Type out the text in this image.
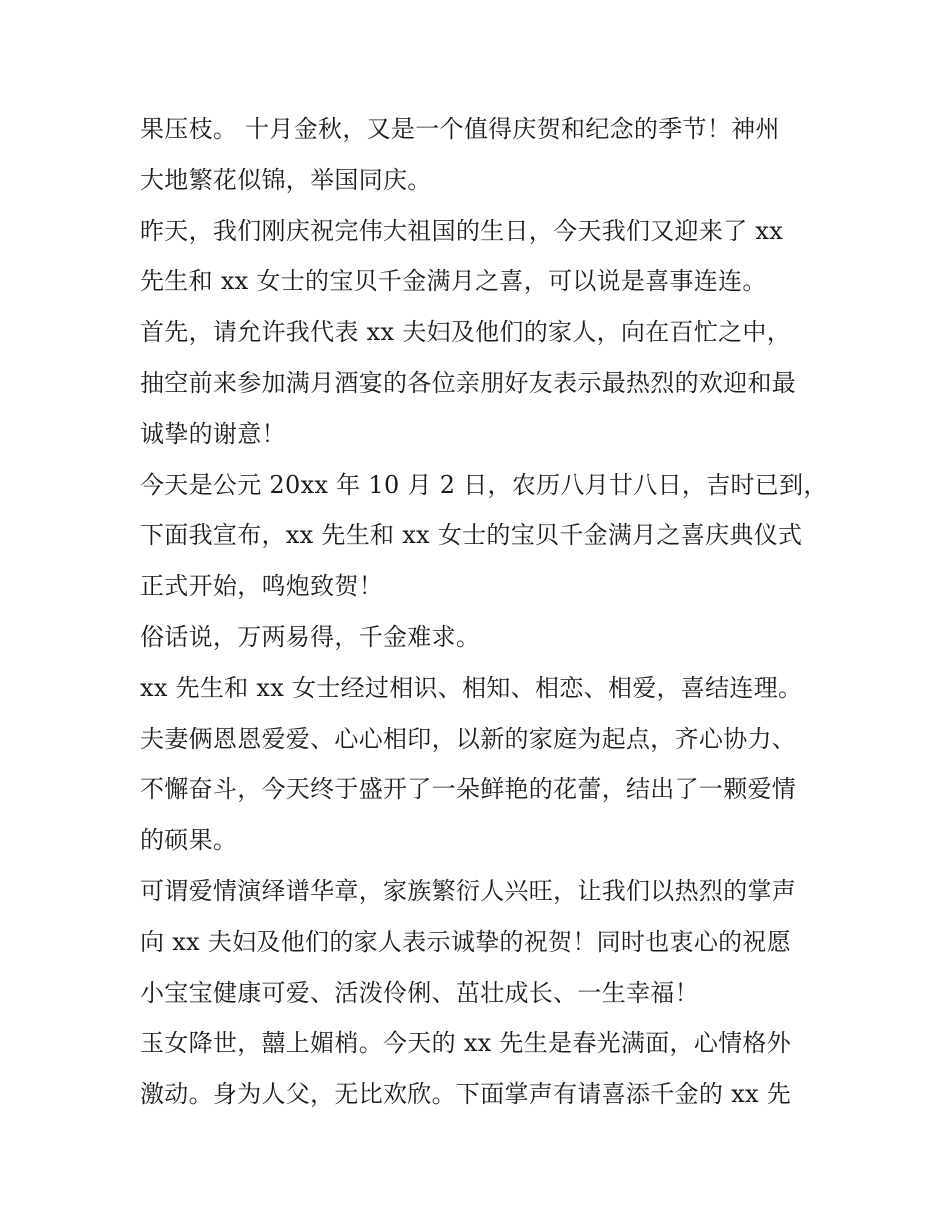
果压枝。 十月金秋，又是一个值得庆贺和纪念的季节！神州
大地繁花似锦，举国同庆。
昨天，我们刚庆祝完伟大祖国的生日，今天我们又迎来了 xx
先生和 xx 女士的宝贝千金满月之喜，可以说是喜事连连。
首先，请允许我代表 xx 夫妇及他们的家人，向在百忙之中，
抽空前来参加满月酒宴的各位亲朋好友表示最热烈的欢迎和最
诚挚的谢意！
今天是公元 20xx 年 10 月 2 日，农历八月廿八日，吉时已到，
下面我宣布，xx 先生和 xx 女士的宝贝千金满月之喜庆典仪式
正式开始，鸣炮致贺！
俗话说，万两易得，千金难求。
xx 先生和 xx 女士经过相识、相知、相恋、相爱，喜结连理。
夫妻俩恩恩爱爱、心心相印，以新的家庭为起点，齐心协力、
不懈奋斗，今天终于盛开了一朵鲜艳的花蕾，结出了一颗爱情
的硕果。
可谓爱情演绎谱华章，家族繁衍人兴旺，让我们以热烈的掌声
向 xx 夫妇及他们的家人表示诚挚的祝贺！同时也衷心的祝愿
小宝宝健康可爱、活泼伶俐、茁壮成长、一生幸福！
玉女降世，囍上媚梢。今天的 xx 先生是春光满面，心情格外
激动。身为人父，无比欢欣。下面掌声有请喜添千金的 xx 先
